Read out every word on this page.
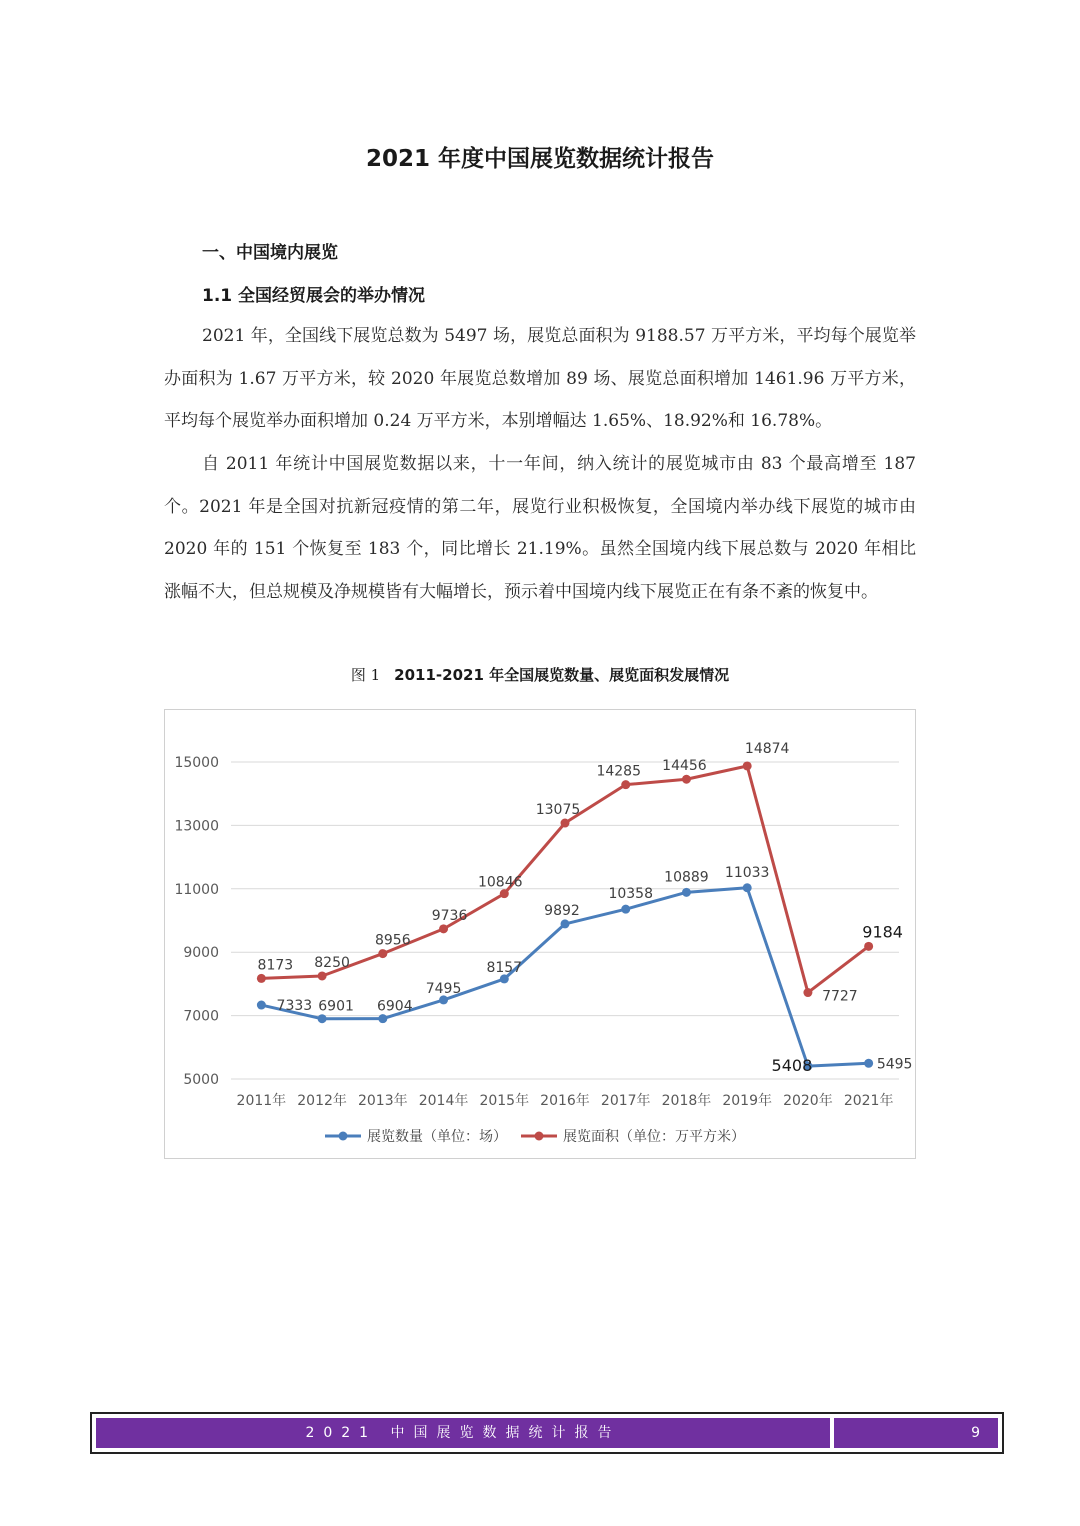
2021 年度中国展览数据统计报告
一、中国境内展览
1.1 全国经贸展会的举办情况

2021 年，全国线下展览总数为 5497 场，展览总面积为 9188.57 万平方米，平均每个展览举办面积为 1.67 万平方米，较 2020 年展览总数增加 89 场、展览总面积增加 1461.96 万平方米，平均每个展览举办面积增加 0.24 万平方米，本别增幅达 1.65%、18.92%和 16.78%。

自 2011 年统计中国展览数据以来，十一年间，纳入统计的展览城市由 83 个最高增至 187 个。2021 年是全国对抗新冠疫情的第二年，展览行业积极恢复，全国境内举办线下展览的城市由 2020 年的 151 个恢复至 183 个，同比增长 21.19%。虽然全国境内线下展总数与 2020 年相比涨幅不大，但总规模及净规模皆有大幅增长，预示着中国境内线下展览正在有条不紊的恢复中。

图 1 2011-2021 年全国展览数量、展览面积发展情况

5000
7000
9000
11000
13000
15000
2011年 2012年 2013年 2014年 2015年 2016年 2017年 2018年 2019年 2020年 2021年
7333 6901 6904
7495
8157
9892
10358
10889 11033
5408	5495
8173 8250
8956
9736
10846
13075
14285 14456
14874
7727
9184
展览数量（单位：场）	展览面积（单位：万平方米）
2021 中国展览数据统计报告	9
